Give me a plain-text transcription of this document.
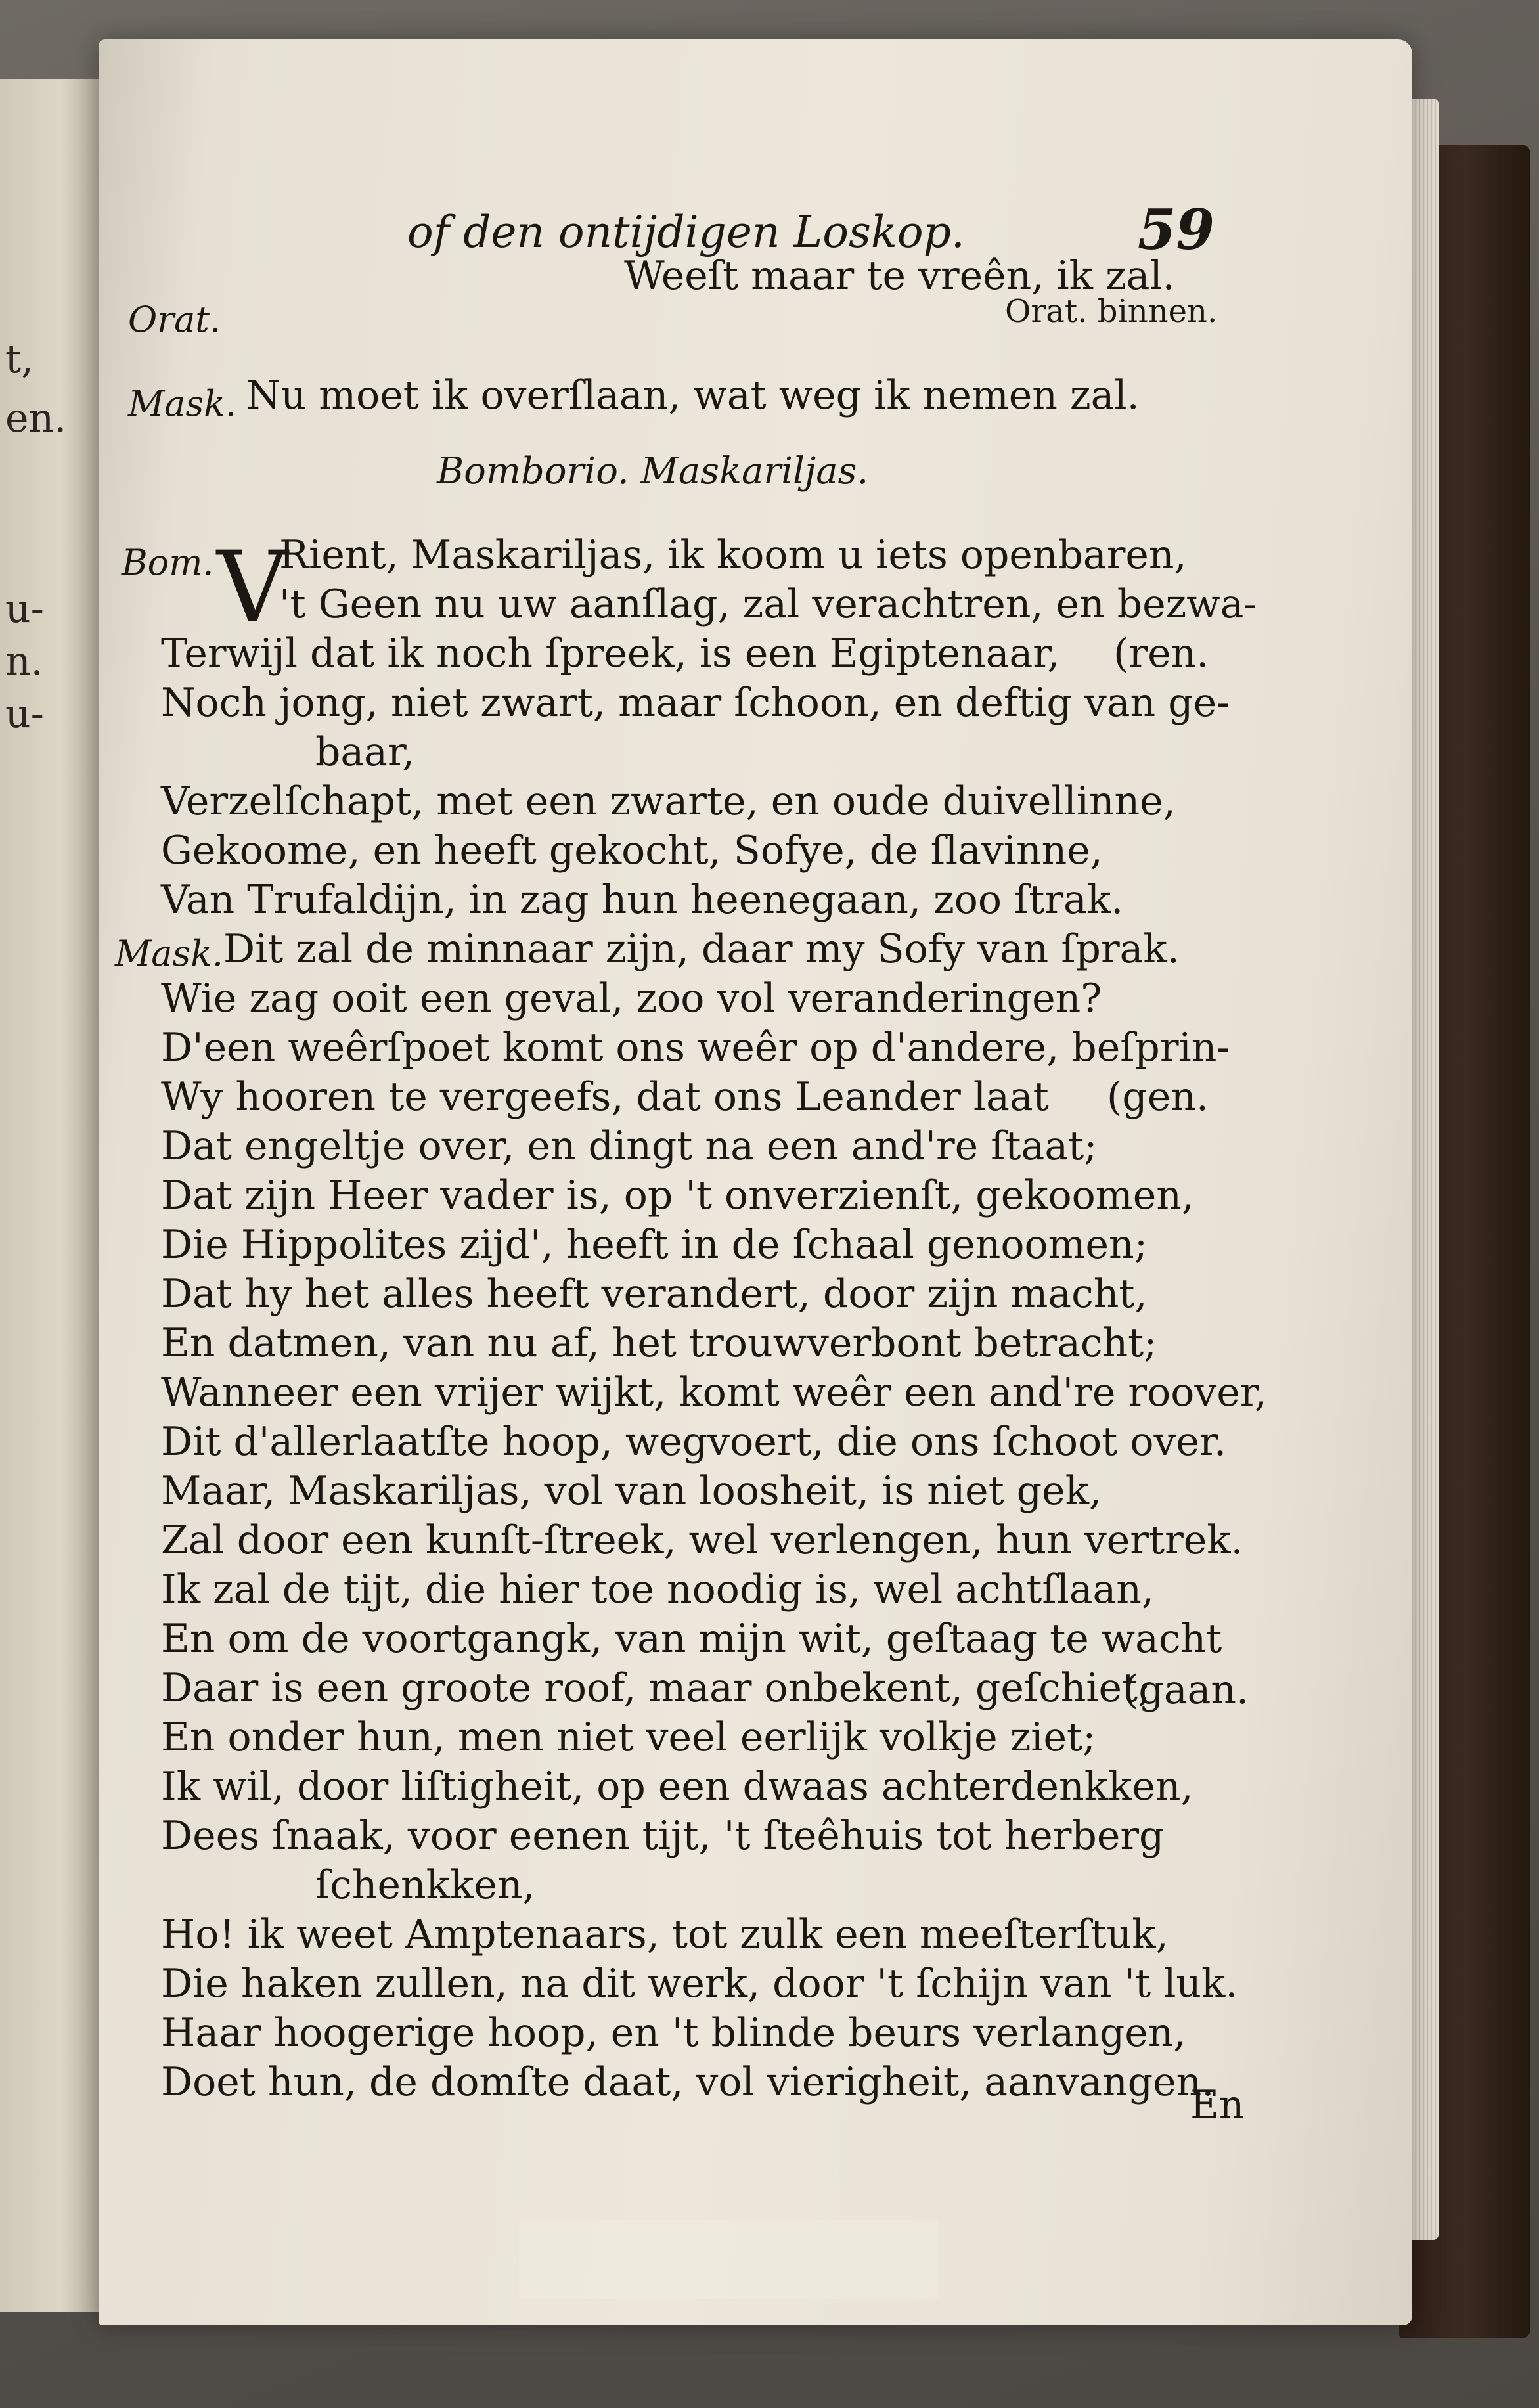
t,
en.
u-
n.
u-
of den ontijdigen Loskop.	59
Weeſt maar te vreên, ik zal.
Orat.	Orat. binnen.
Mask. Nu moet ik overſlaan, wat weg ik nemen zal.
Bomborio. Maskariljas.
Bom. V
Rient, Maskariljas, ik koom u iets openbaren,
't Geen nu uw aanſlag, zal verachtren, en bezwa-
Terwijl dat ik noch ſpreek, is een Egiptenaar, (ren.
Noch jong, niet zwart, maar ſchoon, en deftig van ge-
baar,
Verzelſchapt, met een zwarte, en oude duivellinne,
Gekoome, en heeft gekocht, Sofye, de ſlavinne,
Van Trufaldijn, in zag hun heenegaan, zoo ſtrak.
Mask. Dit zal de minnaar zijn, daar my Sofy van ſprak.
Wie zag ooit een geval, zoo vol veranderingen?
D'een weêrſpoet komt ons weêr op d'andere, beſprin-
Wy hooren te vergeefs, dat ons Leander laat (gen.
Dat engeltje over, en dingt na een and're ſtaat;
Dat zijn Heer vader is, op 't onverzienſt, gekoomen,
Die Hippolites zijd', heeft in de ſchaal genoomen;
Dat hy het alles heeft verandert, door zijn macht,
En datmen, van nu af, het trouwverbont betracht;
Wanneer een vrijer wijkt, komt weêr een and're roover,
Dit d'allerlaatſte hoop, wegvoert, die ons ſchoot over.
Maar, Maskariljas, vol van loosheit, is niet gek,
Zal door een kunſt-ſtreek, wel verlengen, hun vertrek.
Ik zal de tijt, die hier toe noodig is, wel achtſlaan,
En om de voortgangk, van mijn wit, geſtaag te wacht
Daar is een groote roof, maar onbekent, geſchiet;
(gaan.
En onder hun, men niet veel eerlijk volkje ziet;
Ik wil, door liſtigheit, op een dwaas achterdenkken,
Dees ſnaak, voor eenen tijt, 't ſteêhuis tot herberg
ſchenkken,
Ho! ik weet Amptenaars, tot zulk een meeſterſtuk,
Die haken zullen, na dit werk, door 't ſchijn van 't luk.
Haar hoogerige hoop, en 't blinde beurs verlangen,
Doet hun, de domſte daat, vol vierigheit, aanvangen.
En
